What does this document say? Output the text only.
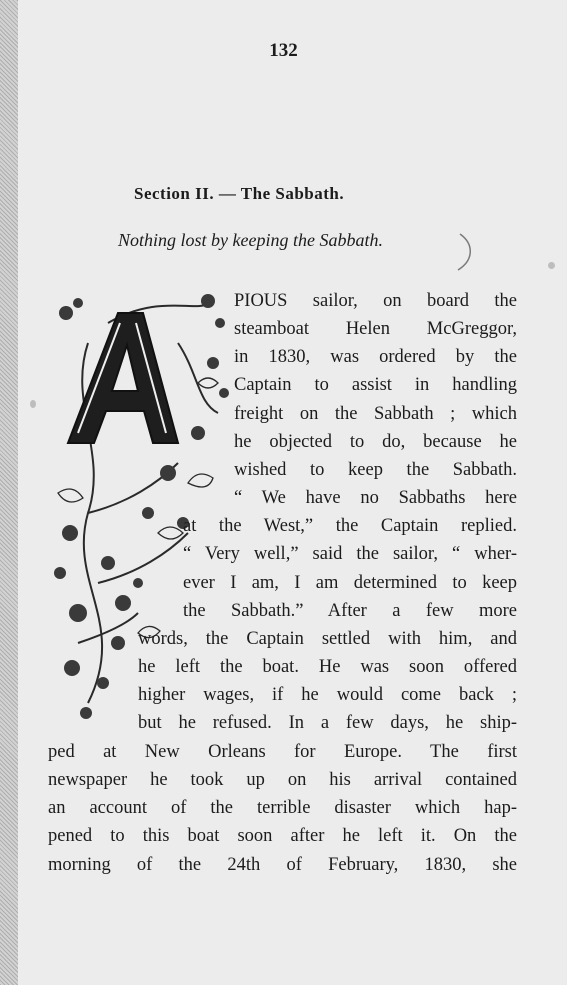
132
Section II. — The Sabbath.
Nothing lost by keeping the Sabbath.
PIOUS sailor, on board the
steamboat Helen McGreggor,
in 1830, was ordered by the
Captain to assist in handling
freight on the Sabbath ; which
he objected to do, because he
wished to keep the Sabbath.
“ We have no Sabbaths here
at the West,” the Captain replied.
“ Very well,” said the sailor, “ wher-
ever I am, I am determined to keep
the Sabbath.” After a few more
words, the Captain settled with him, and
he left the boat. He was soon offered
higher wages, if he would come back ;
but he refused. In a few days, he ship-
ped at New Orleans for Europe. The first
newspaper he took up on his arrival contained
an account of the terrible disaster which hap-
pened to this boat soon after he left it. On the
morning of the 24th of February, 1830, she
